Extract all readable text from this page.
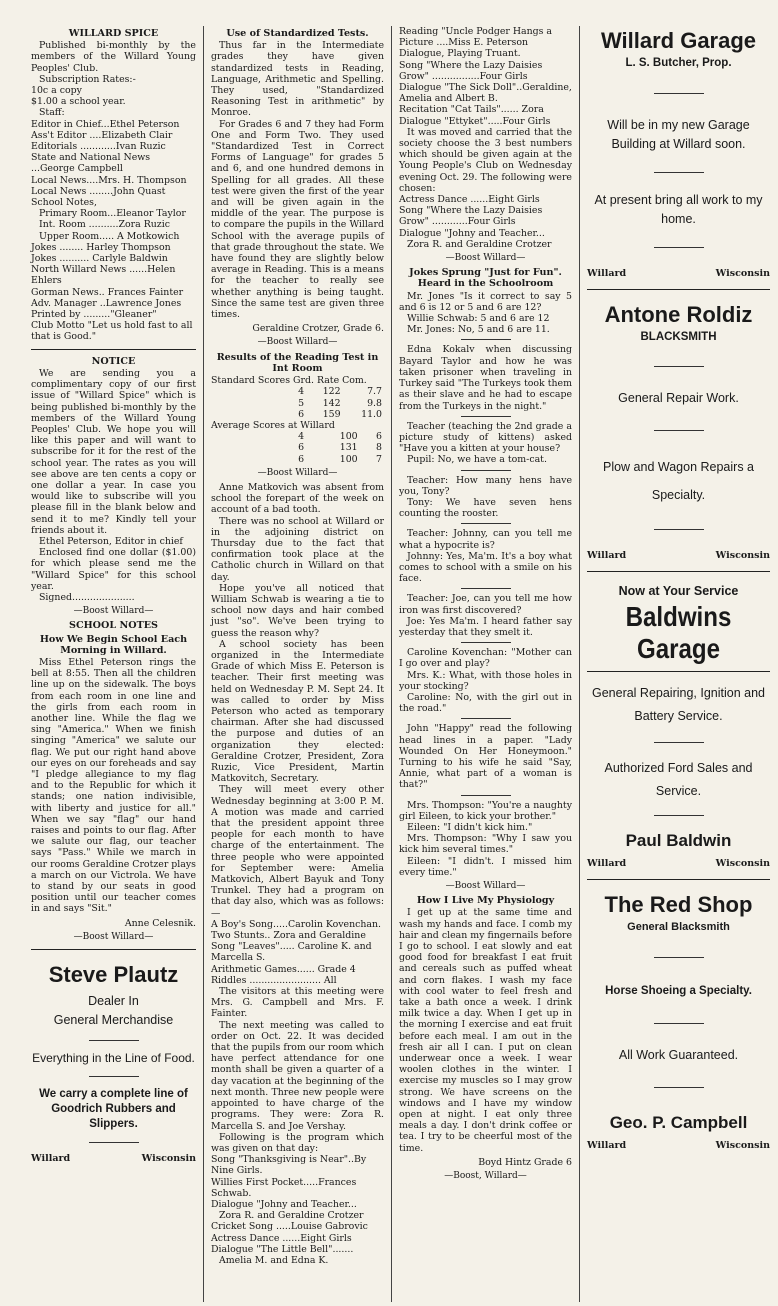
WILLARD SPICE

Published bi-monthly by the members of the Willard Young Peoples' Club.

Subscription Rates:-

10c a copy

$1.00 a school year.

Staff:

Editor in Chief...Ethel Peterson

Ass't Editor ....Elizabeth Clair

Editorials ............Ivan Ruzic

State and National News ...George Campbell

Local News....Mrs. H. Thompson

Local News ........John Quast

School Notes,

Primary Room...Eleanor Taylor

Int. Room ..........Zora Ruzic

Upper Room..... A Motkowich

Jokes ........ Harley Thompson

Jokes .......... Carlyle Baldwin

North Willard News ......Helen Ehlers

Gorman News.. Frances Fainter

Adv. Manager ..Lawrence Jones

Printed by ........."Gleaner"

Club Motto "Let us hold fast to all that is Good."

NOTICE

We are sending you a complimentary copy of our first issue of "Willard Spice" which is being published bi-monthly by the members of the Willard Young Peoples' Club. We hope you will like this paper and will want to subscribe for it for the rest of the school year. The rates as you will see above are ten cents a copy or one dollar a year. In case you would like to subscribe will you please fill in the blank below and send it to me? Kindly tell your friends about it.

Ethel Peterson, Editor in chief

Enclosed find one dollar ($1.00) for which please send me the "Willard Spice" for this school year.

Signed.....................

—Boost Willard—
SCHOOL NOTES
How We Begin School Each Morning in Willard.

Miss Ethel Peterson rings the bell at 8:55. Then all the children line up on the sidewalk. The boys from each room in one line and the girls from each room in another line. While the flag we sing "America." When we finish singing "America" we salute our flag. We put our right hand above our eyes on our foreheads and say "I pledge allegiance to my flag and to the Republic for which it stands; one nation indivisible, with liberty and justice for all." When we say "flag" our hand raises and points to our flag. After we salute our flag, our teacher says "Pass." While we march in our rooms Geraldine Crotzer plays a march on our Victrola. We have to stand by our seats in good position until our teacher comes in and says "Sit."

Anne Celesnik.

—Boost Willard—
Steve Plautz
Dealer In
General Merchandise
Everything in the Line of Food.
We carry a complete line of Goodrich Rubbers and Slippers.
Willard	Wisconsin
Use of Standardized Tests.

Thus far in the Intermediate grades they have given standardized tests in Reading, Language, Arithmetic and Spelling. They used, "Standardized Reasoning Test in arithmetic" by Monroe.

For Grades 6 and 7 they had Form One and Form Two. They used "Standardized Test in Correct Forms of Language" for grades 5 and 6, and one hundred demons in Spelling for all grades. All these test were given the first of the year and will be given again in the middle of the year. The purpose is to compare the pupils in the Willard School with the average pupils of that grade throughout the state. We have found they are slightly below average in Reading. This is a means for the teacher to really see whether anything is being taught. Since the same test are given three times.

Geraldine Crotzer, Grade 6.

—Boost Willard—
Results of the Reading Test in Int Room

Standard Scores Grd. Rate Com.

4	122	7.7
5	142	9.8
6	159	11.0

Average Scores at Willard

4	100	6
6	131	8
6	100	7
—Boost Willard—

Anne Matkovich was absent from school the forepart of the week on account of a bad tooth.

There was no school at Willard or in the adjoining district on Thursday due to the fact that confirmation took place at the Catholic church in Willard on that day.

Hope you've all noticed that William Schwab is wearing a tie to school now days and hair combed just "so". We've been trying to guess the reason why?

A school society has been organized in the Intermediate Grade of which Miss E. Peterson is teacher. Their first meeting was held on Wednesday P. M. Sept 24. It was called to order by Miss Peterson who acted as temporary chairman. After she had discussed the purpose and duties of an organization they elected: Geraldine Crotzer, President, Zora Ruzic, Vice President, Martin Matkovitch, Secretary.

They will meet every other Wednesday beginning at 3:00 P. M. A motion was made and carried that the president appoint three people for each month to have charge of the entertainment. The three people who were appointed for September were: Amelia Matkovich, Albert Bayuk and Tony Trunkel. They had a program on that day also, which was as follows:—

A Boy's Song.....Carolin Kovenchan.

Two Stunts.. Zora and Geraldine

Song "Leaves"..... Caroline K. and Marcella S.

Arithmetic Games...... Grade 4

Riddles ........................ All

The visitors at this meeting were Mrs. G. Campbell and Mrs. F. Fainter.

The next meeting was called to order on Oct. 22. It was decided that the pupils from our room which have perfect attendance for one month shall be given a quarter of a day vacation at the beginning of the next month. Three new people were appointed to have charge of the programs. They were: Zora R. Marcella S. and Joe Vershay.

Following is the program which was given on that day:

Song "Thanksgiving is Near"..By Nine Girls.

Willies First Pocket.....Frances Schwab.

Dialogue "Johny and Teacher...

Zora R. and Geraldine Crotzer

Cricket Song .....Louise Gabrovic

Actress Dance ......Eight Girls

Dialogue "The Little Bell".......

Amelia M. and Edna K.

Reading "Uncle Podger Hangs a Picture ....Miss E. Peterson

Dialogue, Playing Truant.

Song "Where the Lazy Daisies Grow" ................Four Girls

Dialogue "The Sick Doll"..Geraldine, Amelia and Albert B.

Recitation "Cat Tails"...... Zora

Dialogue "Ettyket".....Four Girls

It was moved and carried that the society choose the 3 best numbers which should be given again at the Young People's Club on Wednesday evening Oct. 29. The following were chosen:

Actress Dance ......Eight Girls

Song "Where the Lazy Daisies Grow" ............Four Girls

Dialogue "Johny and Teacher...

Zora R. and Geraldine Crotzer

—Boost Willard—
Jokes Sprung "Just for Fun". Heard in the Schoolroom

Mr. Jones "Is it correct to say 5 and 6 is 12 or 5 and 6 are 12?

Willie Schwab: 5 and 6 are 12

Mr. Jones: No, 5 and 6 are 11.

Edna Kokalv when discussing Bayard Taylor and how he was taken prisoner when traveling in Turkey said "The Turkeys took them as their slave and he had to escape from the Turkeys in the night."

Teacher (teaching the 2nd grade a picture study of kittens) asked "Have you a kitten at your house?

Pupil: No, we have a tom-cat.

Teacher: How many hens have you, Tony?

Tony: We have seven hens counting the rooster.

Teacher: Johnny, can you tell me what a hypocrite is?

Johnny: Yes, Ma'm. It's a boy what comes to school with a smile on his face.

Teacher: Joe, can you tell me how iron was first discovered?

Joe: Yes Ma'm. I heard father say yesterday that they smelt it.

Caroline Kovenchan: "Mother can I go over and play?

Mrs. K.: What, with those holes in your stocking?

Caroline: No, with the girl out in the road."

John "Happy" read the following head lines in a paper. "Lady Wounded On Her Honeymoon." Turning to his wife he said "Say, Annie, what part of a woman is that?"

Mrs. Thompson: "You're a naughty girl Eileen, to kick your brother."

Eileen: "I didn't kick him."

Mrs. Thompson: "Why I saw you kick him several times."

Eileen: "I didn't. I missed him every time."

—Boost Willard—
How I Live My Physiology

I get up at the same time and wash my hands and face. I comb my hair and clean my fingernails before I go to school. I eat slowly and eat good food for breakfast I eat fruit and cereals such as puffed wheat and corn flakes. I wash my face with cool water to feel fresh and take a bath once a week. I drink milk twice a day. When I get up in the morning I exercise and eat fruit before each meal. I am out in the fresh air all I can. I put on clean underwear once a week. I wear woolen clothes in the winter. I exercise my muscles so I may grow strong. We have screens on the windows and I have my window open at night. I eat only three meals a day. I don't drink coffee or tea. I try to be cheerful most of the time.

Boyd Hintz Grade 6

—Boost, Willard—
Willard Garage
L. S. Butcher, Prop.
Will be in my new Garage Building at Willard soon.
At present bring all work to my home.
Willard	Wisconsin
Antone Roldiz
BLACKSMITH
General Repair Work.
Plow and Wagon Repairs a Specialty.
Willard	Wisconsin
Now at Your Service
Baldwins Garage
General Repairing, Ignition and Battery Service.
Authorized Ford Sales and Service.
Paul Baldwin
Willard	Wisconsin
The Red Shop
General Blacksmith
Horse Shoeing a Specialty.
All Work Guaranteed.
Geo. P. Campbell
Willard	Wisconsin
